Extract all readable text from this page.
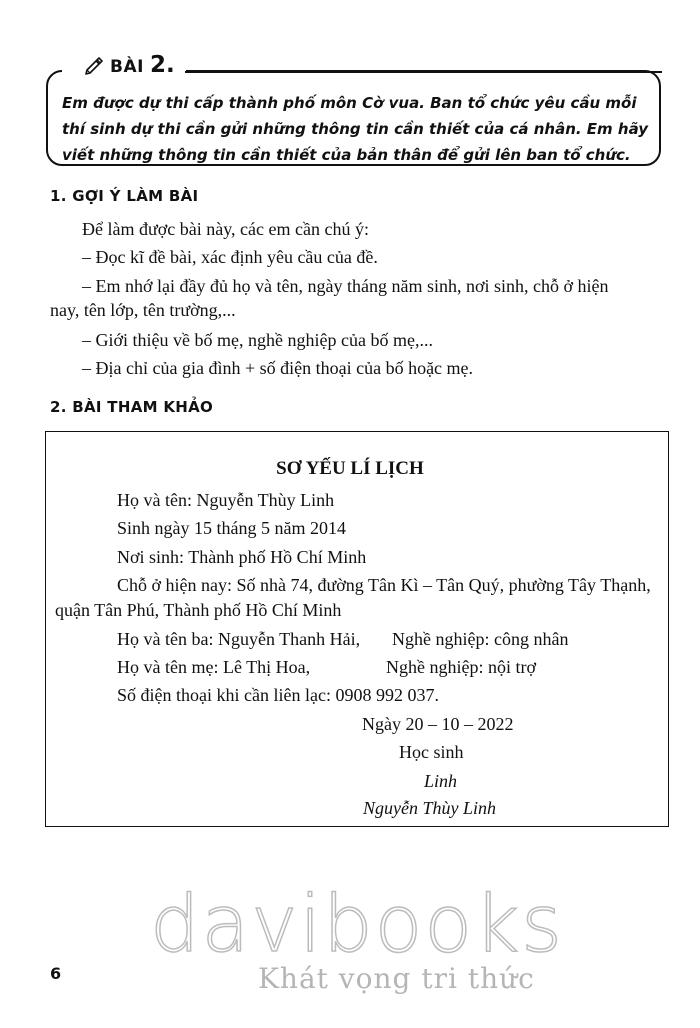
BÀI 2.
Em được dự thi cấp thành phố môn Cờ vua. Ban tổ chức yêu cầu mỗi thí sinh dự thi cần gửi những thông tin cần thiết của cá nhân. Em hãy viết những thông tin cần thiết của bản thân để gửi lên ban tổ chức.
1. GỢI Ý LÀM BÀI
Để làm được bài này, các em cần chú ý:
– Đọc kĩ đề bài, xác định yêu cầu của đề.
– Em nhớ lại đầy đủ họ và tên, ngày tháng năm sinh, nơi sinh, chỗ ở hiện
nay, tên lớp, tên trường,...
– Giới thiệu về bố mẹ, nghề nghiệp của bố mẹ,...
– Địa chỉ của gia đình + số điện thoại của bố hoặc mẹ.
2. BÀI THAM KHẢO
SƠ YẾU LÍ LỊCH
Họ và tên: Nguyễn Thùy Linh
Sinh ngày 15 tháng 5 năm 2014
Nơi sinh: Thành phố Hồ Chí Minh
Chỗ ở hiện nay: Số nhà 74, đường Tân Kì – Tân Quý, phường Tây Thạnh,
quận Tân Phú, Thành phố Hồ Chí Minh
Họ và tên ba: Nguyễn Thanh Hải, Nghề nghiệp: công nhân
Họ và tên mẹ: Lê Thị Hoa,	Nghề nghiệp: nội trợ
Số điện thoại khi cần liên lạc: 0908 992 037.
Ngày 20 – 10 – 2022
Học sinh
Linh
Nguyễn Thùy Linh
6
davibooks
Khát vọng tri thức
